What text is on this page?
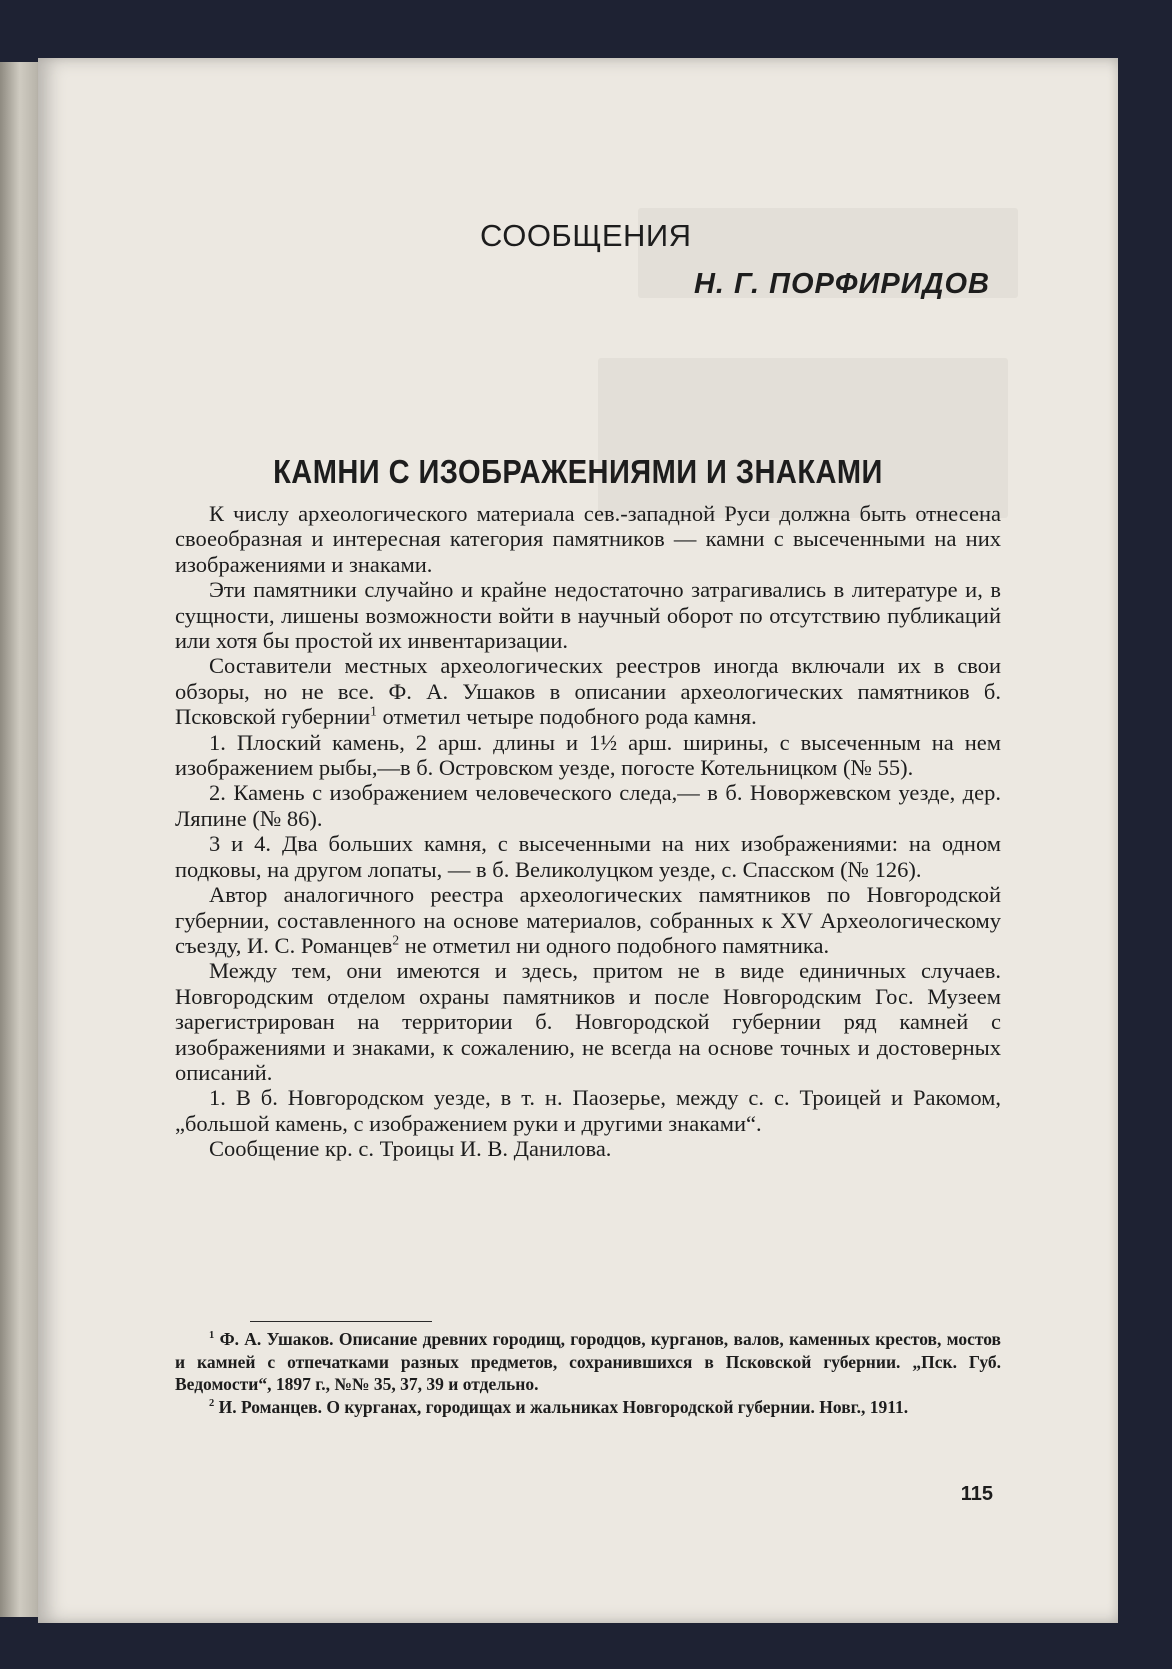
СООБЩЕНИЯ
Н. Г. ПОРФИРИДОВ
КАМНИ С ИЗОБРАЖЕНИЯМИ И ЗНАКАМИ

К числу археологического материала сев.-западной Руси должна быть отнесена своеобразная и интересная категория памятников — камни с высеченными на них изображениями и знаками.

Эти памятники случайно и крайне недостаточно затрагивались в литературе и, в сущности, лишены возможности войти в научный оборот по отсутствию публикаций или хотя бы простой их инвентаризации.

Составители местных археологических реестров иногда включали их в свои обзоры, но не все. Ф. А. Ушаков в описании археологических памятников б. Псковской губернии$^1$ отметил четыре подобного рода камня.

1. Плоский камень, 2 арш. длины и 1½ арш. ширины, с высеченным на нем изображением рыбы,—в б. Островском уезде, погосте Котельницком (№ 55).

2. Камень с изображением человеческого следа,— в б. Новоржевском уезде, дер. Ляпине (№ 86).

3 и 4. Два больших камня, с высеченными на них изображениями: на одном подковы, на другом лопаты, — в б. Великолуцком уезде, с. Спасском (№ 126).

Автор аналогичного реестра археологических памятников по Новгородской губернии, составленного на основе материалов, собранных к XV Археологическому съезду, И. С. Романцев$^2$ не отметил ни одного подобного памятника.

Между тем, они имеются и здесь, притом не в виде единичных случаев. Новгородским отделом охраны памятников и после Новгородским Гос. Музеем зарегистрирован на территории б. Новгородской губернии ряд камней с изображениями и знаками, к сожалению, не всегда на основе точных и достоверных описаний.

1. В б. Новгородском уезде, в т. н. Паозерье, между с. с. Троицей и Ракомом, „большой камень, с изображением руки и другими знаками“.

Сообщение кр. с. Троицы И. В. Данилова.

$^1$ Ф. А. Ушаков. Описание древних городищ, городцов, курганов, валов, каменных крестов, мостов и камней с отпечатками разных предметов, сохранившихся в Псковской губернии. „Пск. Губ. Ведомости“, 1897 г., №№ 35, 37, 39 и отдельно.

$^2$ И. Романцев. О курганах, городищах и жальниках Новгородской губернии. Новг., 1911.

115
